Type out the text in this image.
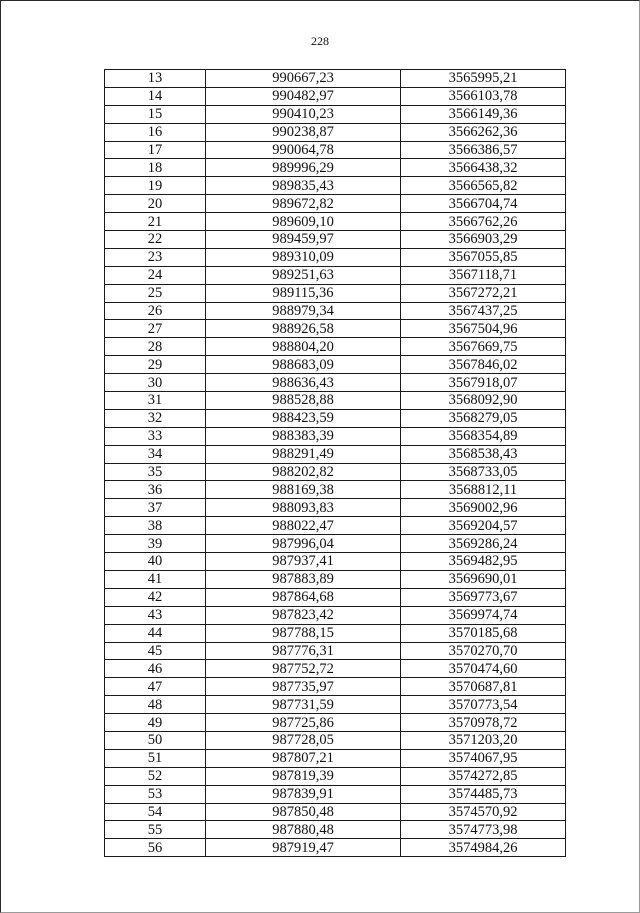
228
13	990667,23	3565995,21
14	990482,97	3566103,78
15	990410,23	3566149,36
16	990238,87	3566262,36
17	990064,78	3566386,57
18	989996,29	3566438,32
19	989835,43	3566565,82
20	989672,82	3566704,74
21	989609,10	3566762,26
22	989459,97	3566903,29
23	989310,09	3567055,85
24	989251,63	3567118,71
25	989115,36	3567272,21
26	988979,34	3567437,25
27	988926,58	3567504,96
28	988804,20	3567669,75
29	988683,09	3567846,02
30	988636,43	3567918,07
31	988528,88	3568092,90
32	988423,59	3568279,05
33	988383,39	3568354,89
34	988291,49	3568538,43
35	988202,82	3568733,05
36	988169,38	3568812,11
37	988093,83	3569002,96
38	988022,47	3569204,57
39	987996,04	3569286,24
40	987937,41	3569482,95
41	987883,89	3569690,01
42	987864,68	3569773,67
43	987823,42	3569974,74
44	987788,15	3570185,68
45	987776,31	3570270,70
46	987752,72	3570474,60
47	987735,97	3570687,81
48	987731,59	3570773,54
49	987725,86	3570978,72
50	987728,05	3571203,20
51	987807,21	3574067,95
52	987819,39	3574272,85
53	987839,91	3574485,73
54	987850,48	3574570,92
55	987880,48	3574773,98
56	987919,47	3574984,26
